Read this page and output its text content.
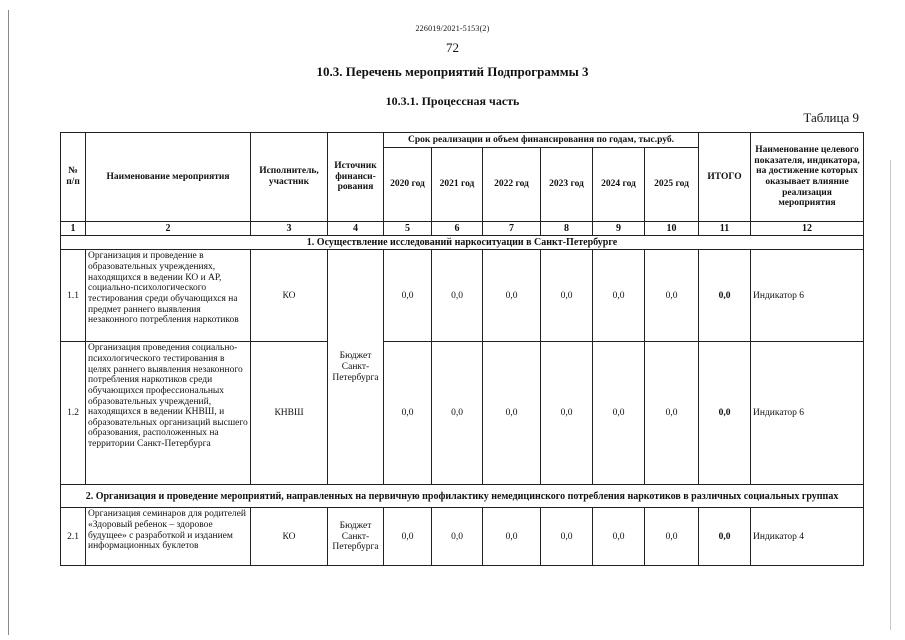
226019/2021-5153(2)
72
10.3. Перечень мероприятий Подпрограммы 3
10.3.1. Процессная часть
Таблица 9
№ п/п	Наименование мероприятия	Исполнитель, участник	Источник финанси-рования	Срок реализации и объем финансирования по годам, тыс.руб.						ИТОГО	Наименование целевого показателя, индикатора, на достижение которых оказывает влияние реализация мероприятия
				2020 год	2021 год	2022 год	2023 год	2024 год	2025 год		
1	2	3	4	5	6	7	8	9	10	11	12
1. Осуществление исследований наркоситуации в Санкт-Петербурге											
1.1	Организация и проведение в образовательных учреждениях, находящихся в ведении КО и АР, социально-психологического тестирования среди обучающихся на предмет раннего выявления незаконного потребления наркотиков	КО	Бюджет Санкт-Петербурга	0,0	0,0	0,0	0,0	0,0	0,0	0,0	Индикатор 6
1.2	Организация проведения социально-психологического тестирования в целях раннего выявления незаконного потребления наркотиков среди обучающихся профессиональных образовательных учреждений, находящихся в ведении КНВШ, и образовательных организаций высшего образования, расположенных на территории Санкт-Петербурга	КНВШ		0,0	0,0	0,0	0,0	0,0	0,0	0,0	Индикатор 6
2. Организация и проведение мероприятий, направленных на первичную профилактику немедицинского потребления наркотиков в различных социальных группах											
2.1	Организация семинаров для родителей «Здоровый ребенок – здоровое будущее» с разработкой и изданием информационных буклетов	КО	Бюджет Санкт-Петербурга	0,0	0,0	0,0	0,0	0,0	0,0	0,0	Индикатор 4
